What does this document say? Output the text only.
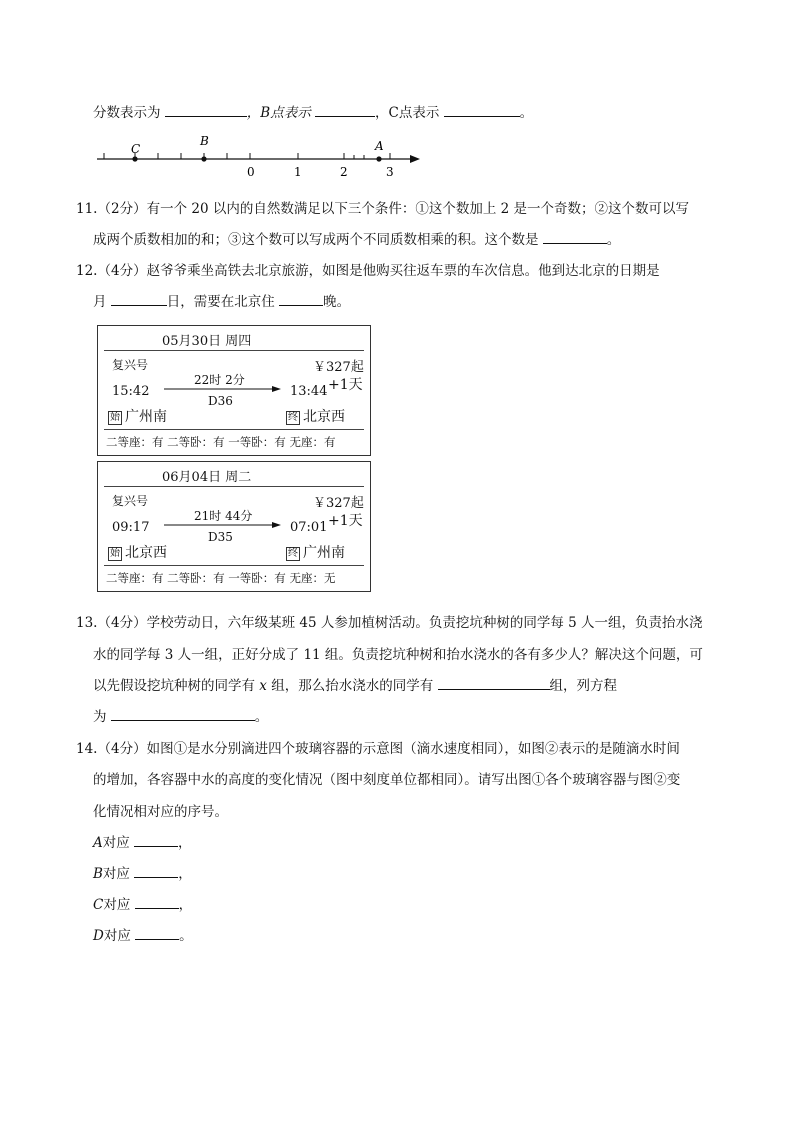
分数表示为	，B点表示	，C点表示	。
C
B	A
0	1	2	3
11.（2分）有一个 20 以内的自然数满足以下三个条件：①这个数加上 2 是一个奇数；②这个数可以写
成两个质数相加的和；③这个数可以写成两个不同质数相乘的积。这个数是	。
12.（4分）赵爷爷乘坐高铁去北京旅游，如图是他购买往返车票的车次信息。他到达北京的日期是
月	日，需要在北京住	晚。
05月30日 周四
复兴号	￥327起
15:42
22时 2分
D36
13:44 +1天
始 广州南	终 北京西
二等座：有 二等卧：有 一等卧：有 无座：有
06月04日 周二
复兴号	￥327起
09:17
21时 44分
D35
07:01 +1天
始 北京西	终 广州南
二等座：有 二等卧：有 一等卧：有 无座：无
13.（4分）学校劳动日，六年级某班 45 人参加植树活动。负责挖坑种树的同学每 5 人一组，负责抬水浇
水的同学每 3 人一组，正好分成了 11 组。负责挖坑种树和抬水浇水的各有多少人？解决这个问题，可
以先假设挖坑种树的同学有 x 组，那么抬水浇水的同学有	组，列方程
为	。
14.（4分）如图①是水分别滴进四个玻璃容器的示意图（滴水速度相同），如图②表示的是随滴水时间
的增加，各容器中水的高度的变化情况（图中刻度单位都相同）。请写出图①各个玻璃容器与图②变
化情况相对应的序号。
A对应	，
B对应	，
C对应	，
D对应	。
